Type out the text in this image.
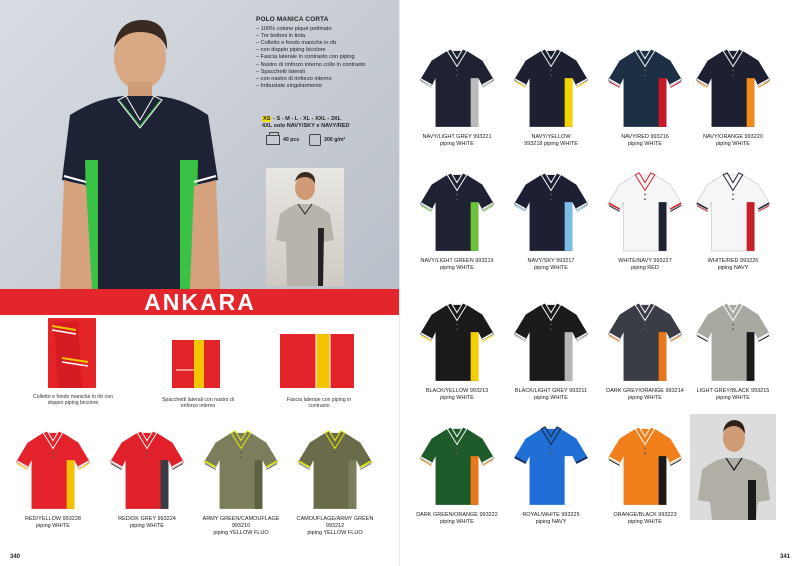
POLO MANICA CORTA
– 100% cotone piqué pettinato
– Tre bottoni in tinta
– Colletto e fondo maniche in rib
– con doppio piping bicolore
– Fascia laterale in contrasto con piping
– Nastro di rinforzo interno collo in contrasto
– Spacchetti laterali
– con nastro di rinforzo interno
– Imbustate singolarmente
XS - S - M - L - XL - XXL - 3XL
4XL solo NAVY/SKY e NAVY/RED
40 pcs	200 g/m²
ANKARA
Colletto e fondo maniche in rib con doppio piping bicolore
Spacchetti laterali con nastro di rinforzo interno
Fascia laterale con piping in contrasto
RED/YELLOW 993228
piping WHITE
RED/DK GREY 993224
piping WHITE
ARMY GREEN/CAMOUFLAGE 993210
piping YELLOW FLUO
CAMOUFLAGE/ARMY GREEN 993212
piping YELLOW FLUO
340
NAVY/LIGHT GREY 993221
piping WHITE
NAVY/YELLOW
993218 piping WHITE
NAVY/RED 993216
piping WHITE
NAVY/ORANGE 993220
piping WHITE
NAVY/LIGHT GREEN 993219
piping WHITE
NAVY/SKY 993217
piping WHITE
WHITE/NAVY 993227
piping RED
WHITE/RED 993226
piping NAVY
BLACK/YELLOW 993213
piping WHITE
BLACK/LIGHT GREY 993211
piping WHITE
DARK GREY/ORANGE 993214
piping WHITE
LIGHT GREY/BLACK 993215
piping WHITE
DARK GREEN/ORANGE 993222
piping WHITE
ROYAL/WHITE 993225
piping NAVY
ORANGE/BLACK 993223
piping WHITE
341
